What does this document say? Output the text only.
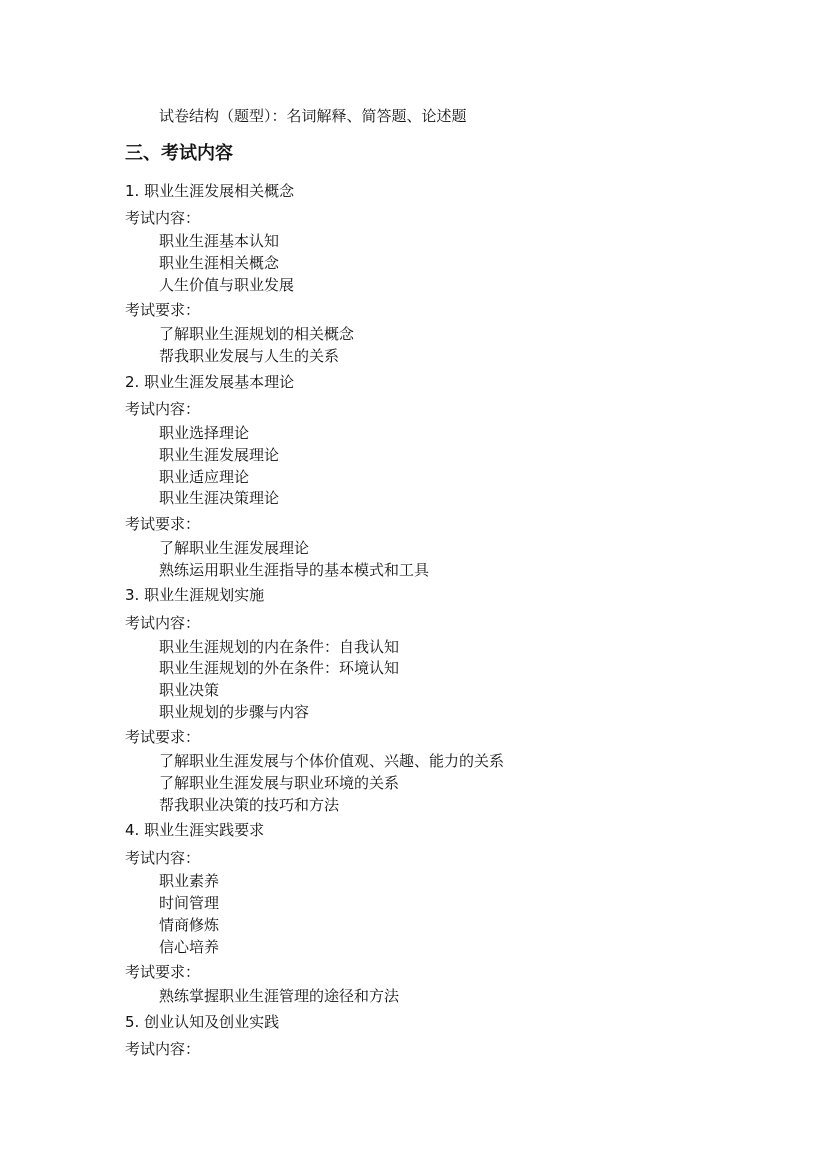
试卷结构（题型）：名词解释、简答题、论述题
三、考试内容
1. 职业生涯发展相关概念
考试内容：
职业生涯基本认知
职业生涯相关概念
人生价值与职业发展
考试要求：
了解职业生涯规划的相关概念
帮我职业发展与人生的关系
2. 职业生涯发展基本理论
考试内容：
职业选择理论
职业生涯发展理论
职业适应理论
职业生涯决策理论
考试要求：
了解职业生涯发展理论
熟练运用职业生涯指导的基本模式和工具
3. 职业生涯规划实施
考试内容：
职业生涯规划的内在条件：自我认知
职业生涯规划的外在条件：环境认知
职业决策
职业规划的步骤与内容
考试要求：
了解职业生涯发展与个体价值观、兴趣、能力的关系
了解职业生涯发展与职业环境的关系
帮我职业决策的技巧和方法
4. 职业生涯实践要求
考试内容：
职业素养
时间管理
情商修炼
信心培养
考试要求：
熟练掌握职业生涯管理的途径和方法
5. 创业认知及创业实践
考试内容：
